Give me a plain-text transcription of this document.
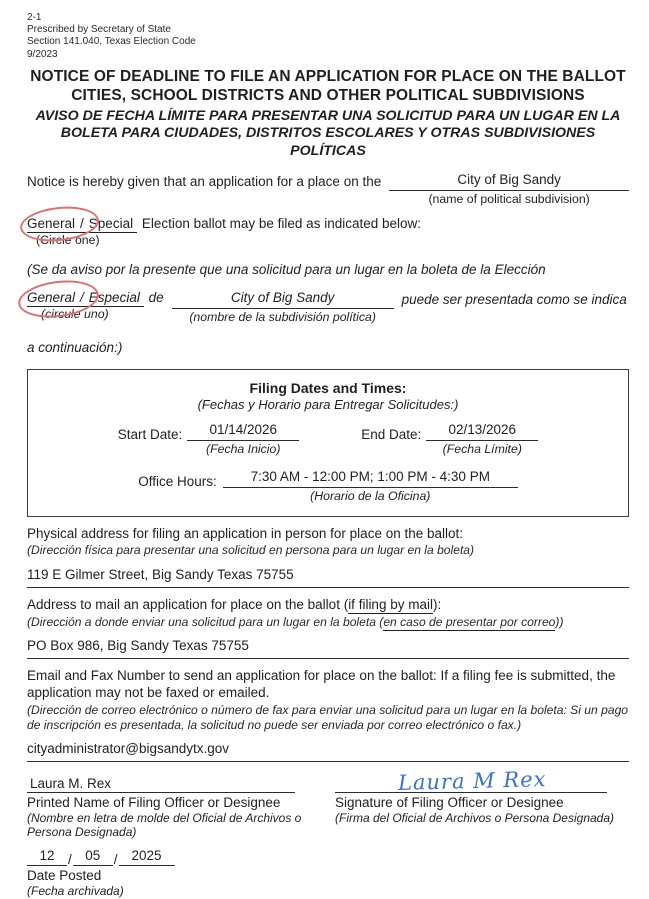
2-1
Prescribed by Secretary of State
Section 141.040, Texas Election Code
9/2023
NOTICE OF DEADLINE TO FILE AN APPLICATION FOR PLACE ON THE BALLOT
CITIES, SCHOOL DISTRICTS AND OTHER POLITICAL SUBDIVISIONS
AVISO DE FECHA LÍMITE PARA PRESENTAR UNA SOLICITUD PARA UN LUGAR EN LA
BOLETA PARA CIUDADES, DISTRITOS ESCOLARES Y OTRAS SUBDIVISIONES POLÍTICAS
Notice is hereby given that an application for a place on the	City of Big Sandy
(name of political subdivision)
General / Special Election ballot may be filed as indicated below:
(Circle one)
(Se da aviso por la presente que una solicitud para un lugar en la boleta de la Elección
General / Especial de
(circule uno)
City of Big Sandy
(nombre de la subdivisión política)
puede ser presentada como se indica
a continuación:)
Filing Dates and Times:
(Fechas y Horario para Entregar Solicitudes:)
Start Date:	01/14/2026
(Fecha Inicio)
End Date:	02/13/2026
(Fecha Límite)
Office Hours:	7:30 AM - 12:00 PM; 1:00 PM - 4:30 PM
(Horario de la Oficina)
Physical address for filing an application in person for place on the ballot:
(Dirección física para presentar una solicitud en persona para un lugar en la boleta)
119 E Gilmer Street, Big Sandy Texas 75755
Address to mail an application for place on the ballot (if filing by mail):
(Dirección a donde enviar una solicitud para un lugar en la boleta (en caso de presentar por correo))
PO Box 986, Big Sandy Texas 75755
Email and Fax Number to send an application for place on the ballot: If a filing fee is submitted, the application may not be faxed or emailed.
(Dirección de correo electrónico o número de fax para enviar una solicitud para un lugar en la boleta: Si un pago de inscripción es presentada, la solicitud no puede ser enviada por correo electrónico o fax.)
cityadministrator@bigsandytx.gov
Laura M. Rex
Printed Name of Filing Officer or Designee
(Nombre en letra de molde del Oficial de Archivos o Persona Designada)
Laura M Rex
Signature of Filing Officer or Designee
(Firma del Oficial de Archivos o Persona Designada)
12 / 05 / 2025
Date Posted
(Fecha archivada)
